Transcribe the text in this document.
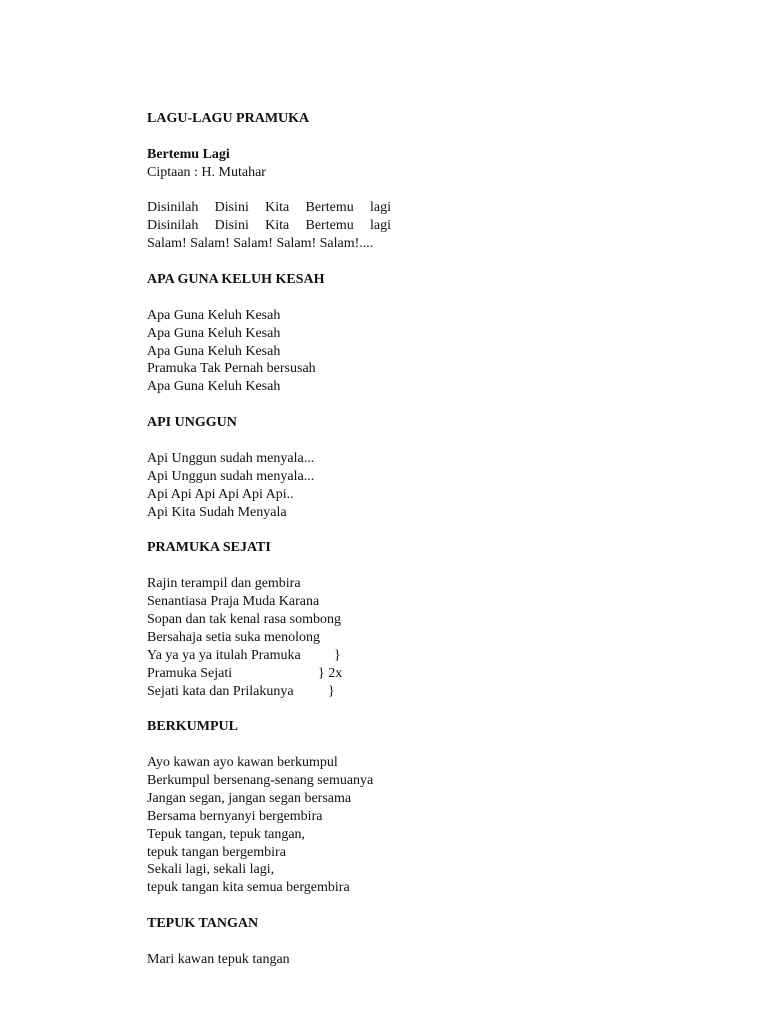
LAGU-LAGU PRAMUKA
Bertemu Lagi
Ciptaan : H. Mutahar
Disinilah Disini Kita Bertemu lagi
Disinilah Disini Kita Bertemu lagi
Salam! Salam! Salam! Salam! Salam!....
APA GUNA KELUH KESAH
Apa Guna Keluh Kesah
Apa Guna Keluh Kesah
Apa Guna Keluh Kesah
Pramuka Tak Pernah bersusah
Apa Guna Keluh Kesah
API UNGGUN
Api Unggun sudah menyala...
Api Unggun sudah menyala...
Api Api Api Api Api Api..
Api Kita Sudah Menyala
PRAMUKA SEJATI
Rajin terampil dan gembira
Senantiasa Praja Muda Karana
Sopan dan tak kenal rasa sombong
Bersahaja setia suka menolong
Ya ya ya ya itulah Pramuka }
Pramuka Sejati	} 2x
Sejati kata dan Prilakunya }
BERKUMPUL
Ayo kawan ayo kawan berkumpul
Berkumpul bersenang-senang semuanya
Jangan segan, jangan segan bersama
Bersama bernyanyi bergembira
Tepuk tangan, tepuk tangan,
tepuk tangan bergembira
Sekali lagi, sekali lagi,
tepuk tangan kita semua bergembira
TEPUK TANGAN
Mari kawan tepuk tangan
